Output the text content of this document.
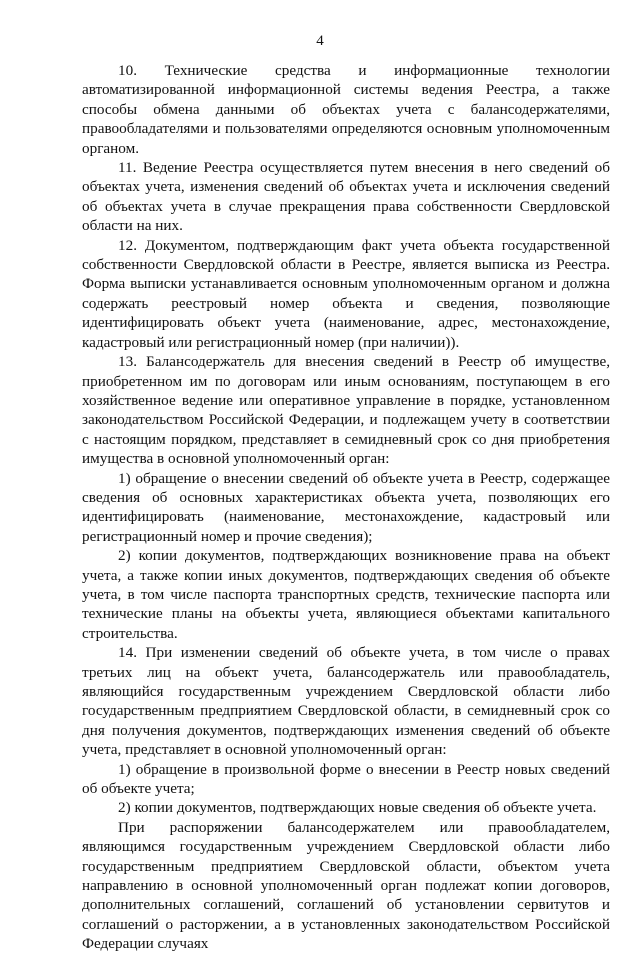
4

10. Технические средства и информационные технологии автоматизированной информационной системы ведения Реестра, а также способы обмена данными об объектах учета с балансодержателями, правообладателями и пользователями определяются основным уполномоченным органом.

11. Ведение Реестра осуществляется путем внесения в него сведений об объектах учета, изменения сведений об объектах учета и исключения сведений об объектах учета в случае прекращения права собственности Свердловской области на них.

12. Документом, подтверждающим факт учета объекта государственной собственности Свердловской области в Реестре, является выписка из Реестра. Форма выписки устанавливается основным уполномоченным органом и должна содержать реестровый номер объекта и сведения, позволяющие идентифицировать объект учета (наименование, адрес, местонахождение, кадастровый или регистрационный номер (при наличии)).

13. Балансодержатель для внесения сведений в Реестр об имуществе, приобретенном им по договорам или иным основаниям, поступающем в его хозяйственное ведение или оперативное управление в порядке, установленном законодательством Российской Федерации, и подлежащем учету в соответствии с настоящим порядком, представляет в семидневный срок со дня приобретения имущества в основной уполномоченный орган:

1) обращение о внесении сведений об объекте учета в Реестр, содержащее сведения об основных характеристиках объекта учета, позволяющих его идентифицировать (наименование, местонахождение, кадастровый или регистрационный номер и прочие сведения);

2) копии документов, подтверждающих возникновение права на объект учета, а также копии иных документов, подтверждающих сведения об объекте учета, в том числе паспорта транспортных средств, технические паспорта или технические планы на объекты учета, являющиеся объектами капитального строительства.

14. При изменении сведений об объекте учета, в том числе о правах третьих лиц на объект учета, балансодержатель или правообладатель, являющийся государственным учреждением Свердловской области либо государственным предприятием Свердловской области, в семидневный срок со дня получения документов, подтверждающих изменения сведений об объекте учета, представляет в основной уполномоченный орган:

1) обращение в произвольной форме о внесении в Реестр новых сведений об объекте учета;

2) копии документов, подтверждающих новые сведения об объекте учета.

При распоряжении балансодержателем или правообладателем, являющимся государственным учреждением Свердловской области либо государственным предприятием Свердловской области, объектом учета направлению в основной уполномоченный орган подлежат копии договоров, дополнительных соглашений, соглашений об установлении сервитутов и соглашений о расторжении, а в установленных законодательством Российской Федерации случаях
